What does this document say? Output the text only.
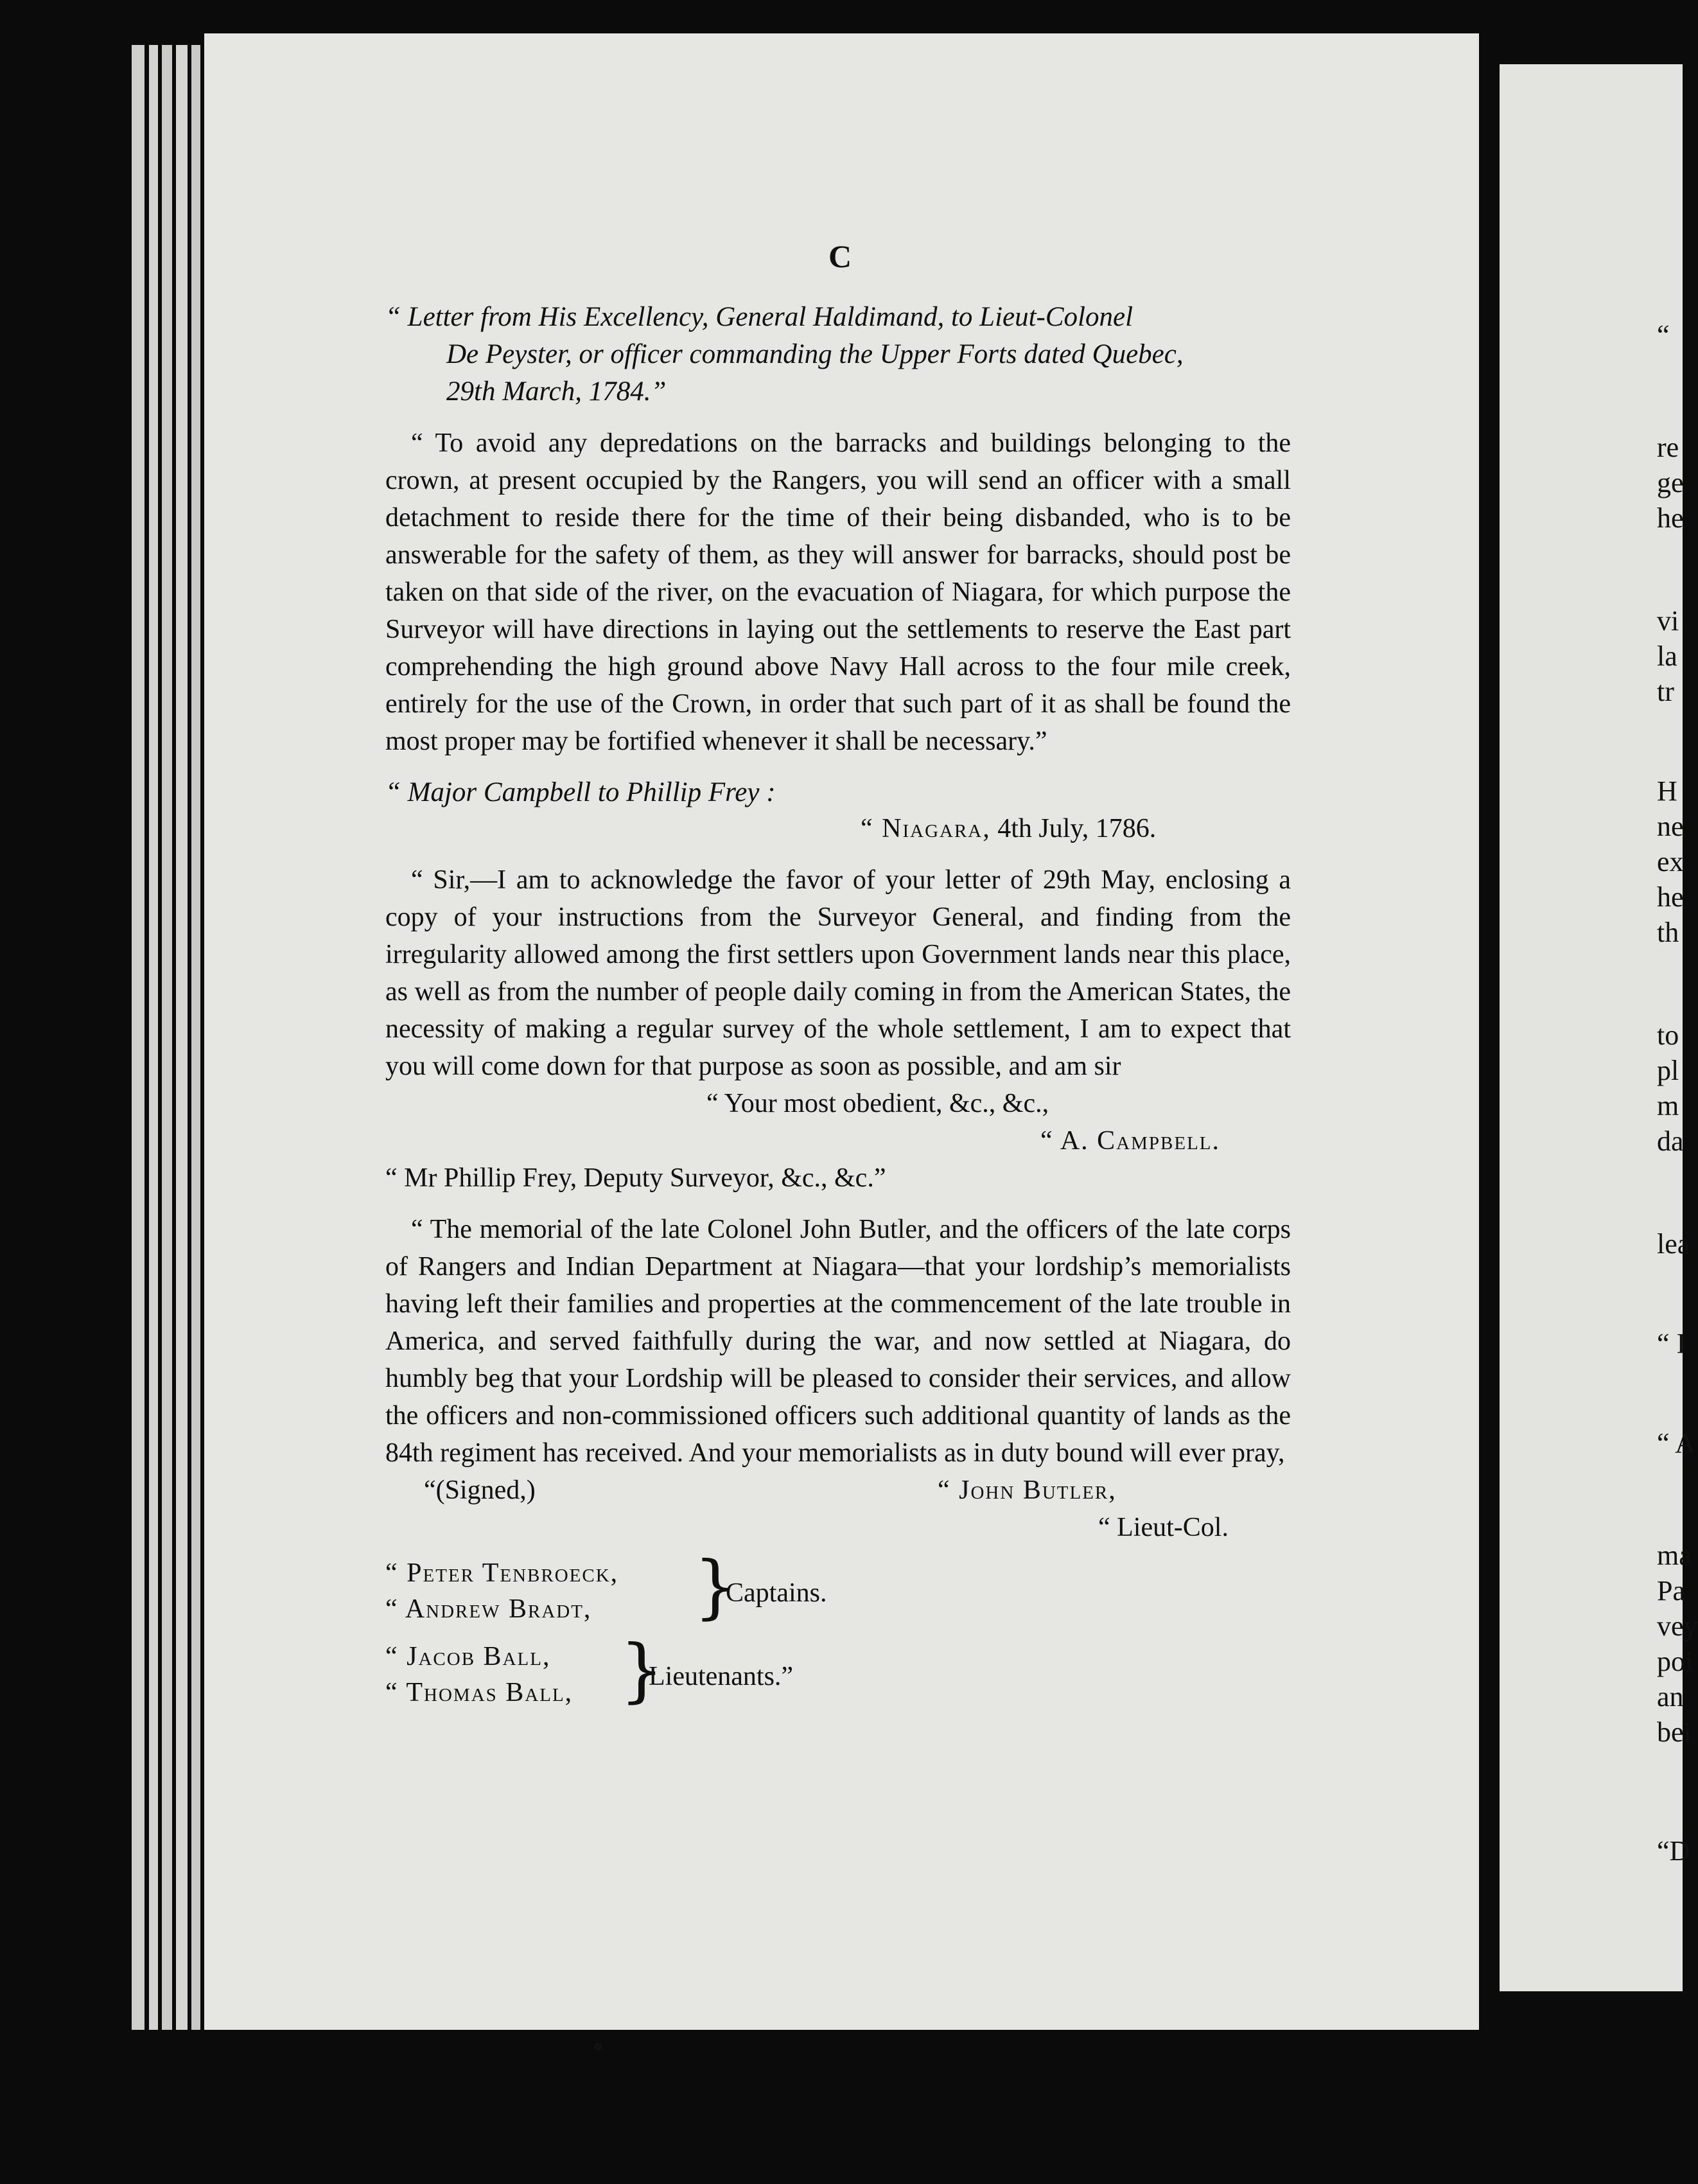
“
re
ge
he
vi
la
tr
H
ne
ex
he
th
to
pl
m
da
lea
“ I
“ A
ma
Pa
vey
poi
an
bei
“D
C

“ Letter from His Excellency, General Haldimand, to Lieut-Colonel
De Peyster, or officer commanding the Upper Forts dated Quebec,
29th March, 1784.”

“ To avoid any depredations on the barracks and buildings belonging to the crown, at present occupied by the Rangers, you will send an officer with a small detachment to reside there for the time of their being disbanded, who is to be answerable for the safety of them, as they will answer for barracks, should post be taken on that side of the river, on the evacuation of Niagara, for which purpose the Surveyor will have directions in laying out the settlements to reserve the East part comprehending the high ground above Navy Hall across to the four mile creek, entirely for the use of the Crown, in order that such part of it as shall be found the most proper may be fortified whenever it shall be necessary.”

“ Major Campbell to Phillip Frey :

“ Niagara, 4th July, 1786.

“ Sir,—I am to acknowledge the favor of your letter of 29th May, enclosing a copy of your instructions from the Surveyor General, and finding from the irregularity allowed among the first settlers upon Government lands near this place, as well as from the number of people daily coming in from the American States, the necessity of making a regular survey of the whole settlement, I am to expect that you will come down for that purpose as soon as possible, and am sir

“ Your most obedient, &c., &c.,

“ A. Campbell.

“ Mr Phillip Frey, Deputy Surveyor, &c., &c.”

“ The memorial of the late Colonel John Butler, and the officers of the late corps of Rangers and Indian Department at Niagara—that your lordship’s memorialists having left their families and properties at the commencement of the late trouble in America, and served faithfully during the war, and now settled at Niagara, do humbly beg that your Lordship will be pleased to consider their services, and allow the officers and non-commissioned officers such additional quantity of lands as the 84th regiment has received. And your memorialists as in duty bound will ever pray,

“(Signed,)	“ John Butler,

“ Lieut-Col.

“ Peter Tenbroeck,
“ Andrew Bradt,	}
Captains.
“ Jacob Ball,
“ Thomas Ball, }
Lieutenants.”
